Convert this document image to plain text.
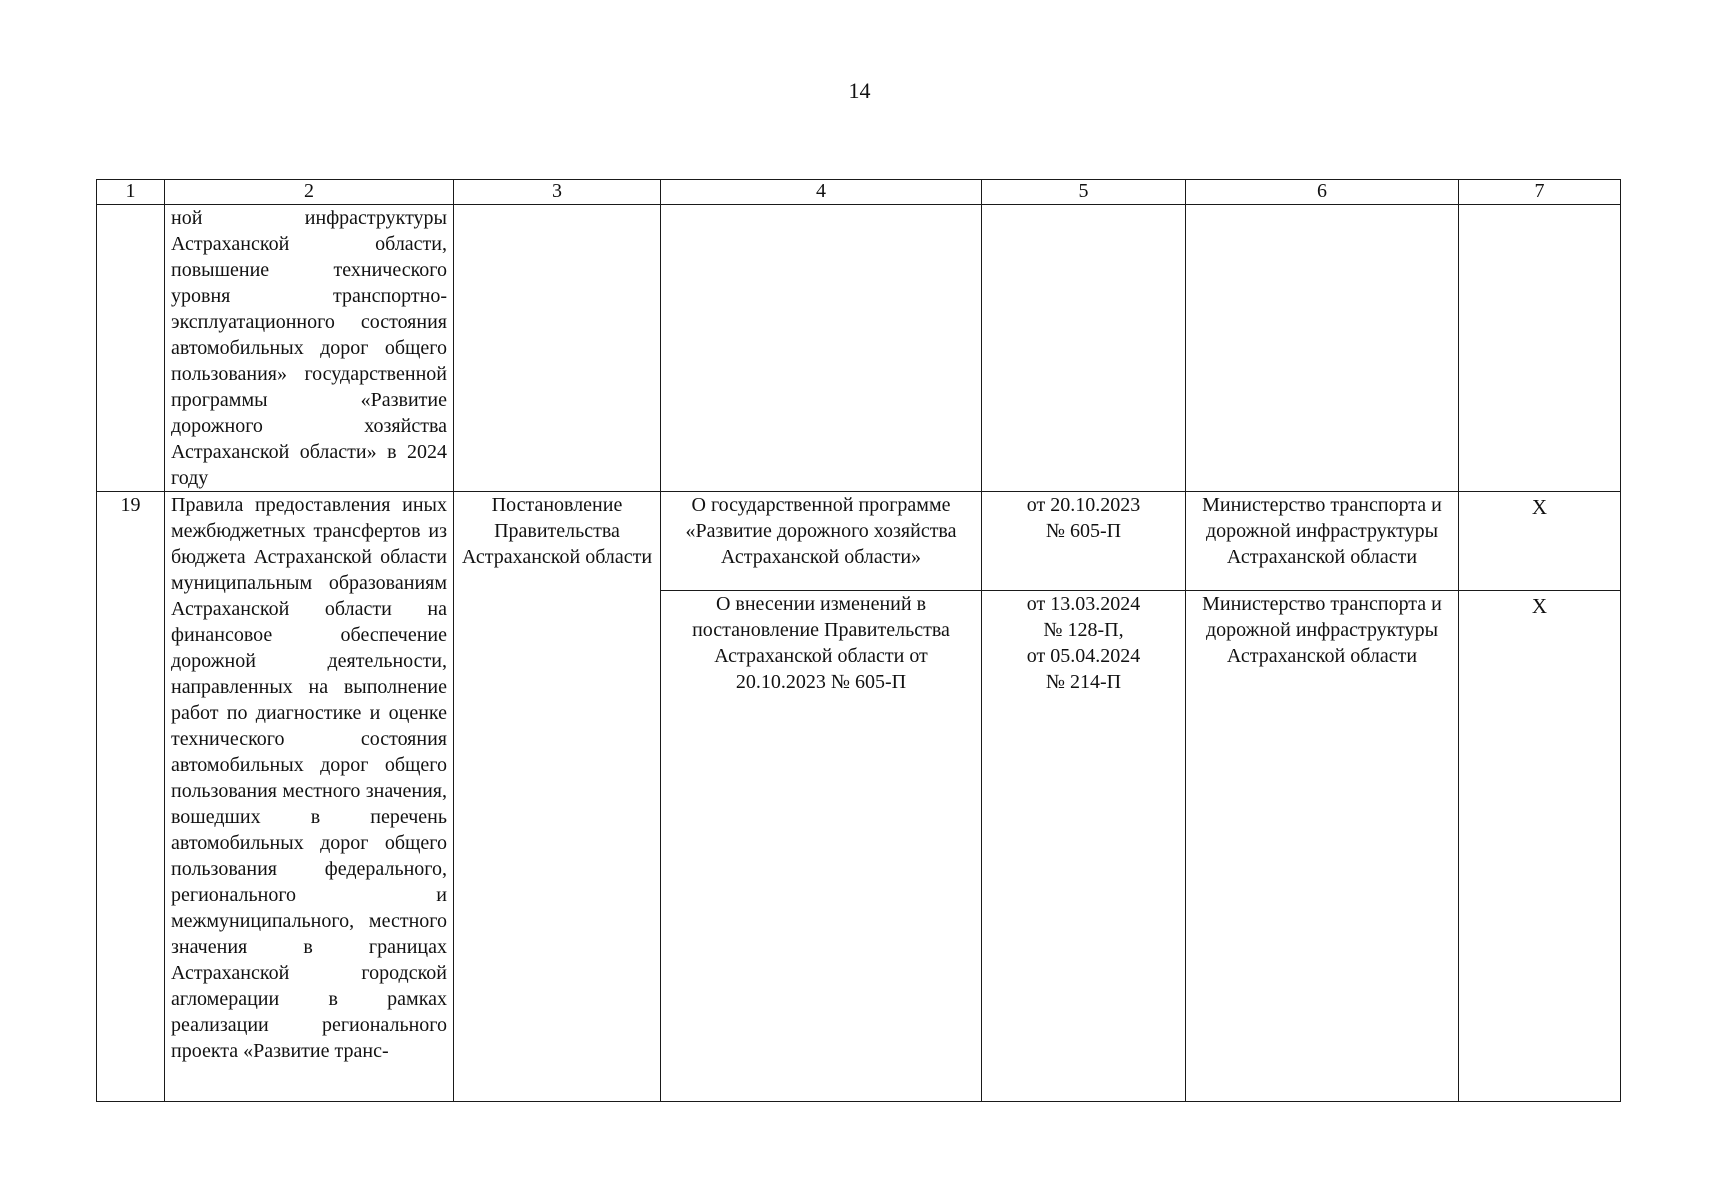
14
1	2	3	4	5	6	7

	ной инфраструктуры Астраханской области, повышение технического уровня транспортно-эксплуатационного состояния автомобильных дорог общего пользования» государственной программы «Развитие дорожного хозяйства Астраханской области» в 2024 году					

19	Правила предоставления иных межбюджетных трансфертов из бюджета Астраханской области муниципальным образованиям Астраханской области на финансовое обеспечение дорожной деятельности, направленных на выполнение работ по диагностике и оценке технического состояния автомобильных дорог общего пользования местного значения, вошедших в перечень автомобильных дорог общего пользования федерального, регионального и межмуниципального, местного значения в границах Астраханской городской агломерации в рамках реализации регионального проекта «Развитие транс-	Постановление Правительства Астраханской области	О государственной программе «Развитие дорожного хозяйства Астраханской области»	от 20.10.2023
№ 605-П	Министерство транспорта и дорожной инфраструктуры Астраханской области	Х

			О внесении изменений в постановление Правительства Астраханской области от 20.10.2023 № 605-П	от 13.03.2024
№ 128-П,
от 05.04.2024
№ 214-П	Министерство транспорта и дорожной инфраструктуры Астраханской области	Х
